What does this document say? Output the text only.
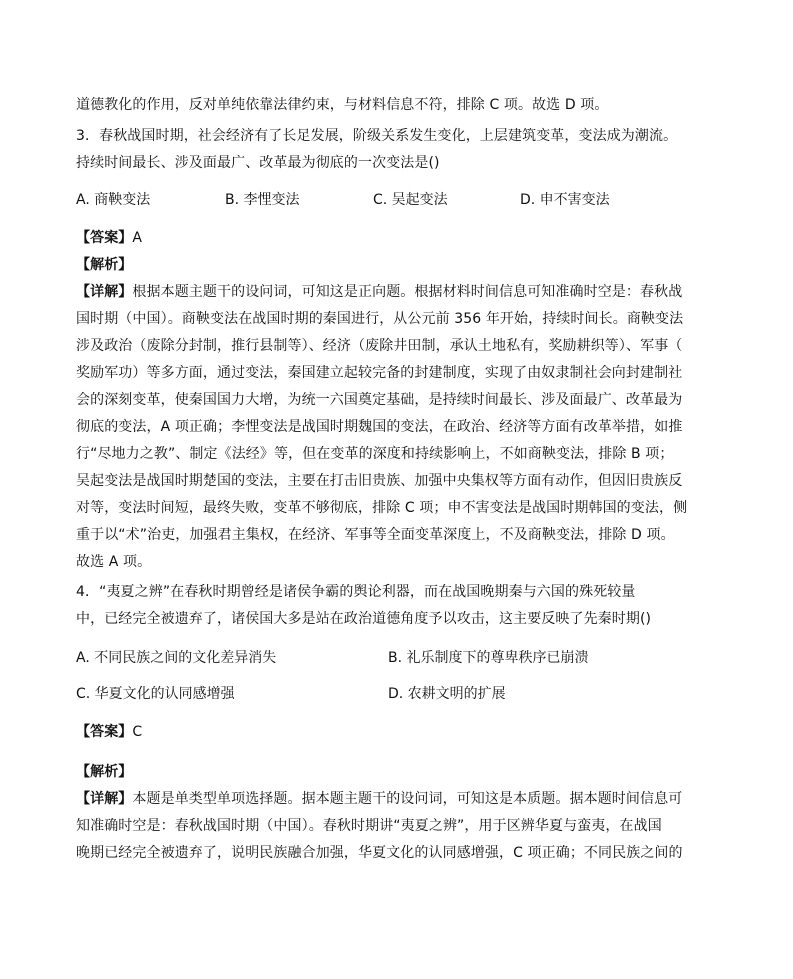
道德教化的作用，反对单纯依靠法律约束，与材料信息不符，排除 C 项。故选 D 项。
3．春秋战国时期，社会经济有了长足发展，阶级关系发生变化，上层建筑变革，变法成为潮流。
持续时间最长、涉及面最广、改革最为彻底的一次变法是()
A. 商鞅变法	B. 李悝变法	C. 吴起变法	D. 申不害变法
【答案】A
【解析】
【详解】根据本题主题干的设问词，可知这是正向题。根据材料时间信息可知准确时空是：春秋战
国时期（中国）。商鞅变法在战国时期的秦国进行，从公元前 356 年开始，持续时间长。商鞅变法
涉及政治（废除分封制，推行县制等）、经济（废除井田制，承认土地私有，奖励耕织等）、军事（
奖励军功）等多方面，通过变法，秦国建立起较完备的封建制度，实现了由奴隶制社会向封建制社
会的深刻变革，使秦国国力大增，为统一六国奠定基础，是持续时间最长、涉及面最广、改革最为
彻底的变法，A 项正确；李悝变法是战国时期魏国的变法，在政治、经济等方面有改革举措，如推
行“尽地力之教”、制定《法经》等，但在变革的深度和持续影响上，不如商鞅变法，排除 B 项；
吴起变法是战国时期楚国的变法，主要在打击旧贵族、加强中央集权等方面有动作，但因旧贵族反
对等，变法时间短，最终失败，变革不够彻底，排除 C 项；申不害变法是战国时期韩国的变法，侧
重于以“术”治吏，加强君主集权，在经济、军事等全面变革深度上，不及商鞅变法，排除 D 项。
故选 A 项。
4．“夷夏之辨”在春秋时期曾经是诸侯争霸的舆论利器，而在战国晚期秦与六国的殊死较量
中，已经完全被遗弃了，诸侯国大多是站在政治道德角度予以攻击，这主要反映了先秦时期()
A. 不同民族之间的文化差异消失	B. 礼乐制度下的尊卑秩序已崩溃
C. 华夏文化的认同感增强	D. 农耕文明的扩展
【答案】C
【解析】
【详解】本题是单类型单项选择题。据本题主题干的设问词，可知这是本质题。据本题时间信息可
知准确时空是：春秋战国时期（中国）。春秋时期讲“夷夏之辨”，用于区辨华夏与蛮夷，在战国
晚期已经完全被遗弃了，说明民族融合加强，华夏文化的认同感增强，C 项正确；不同民族之间的
